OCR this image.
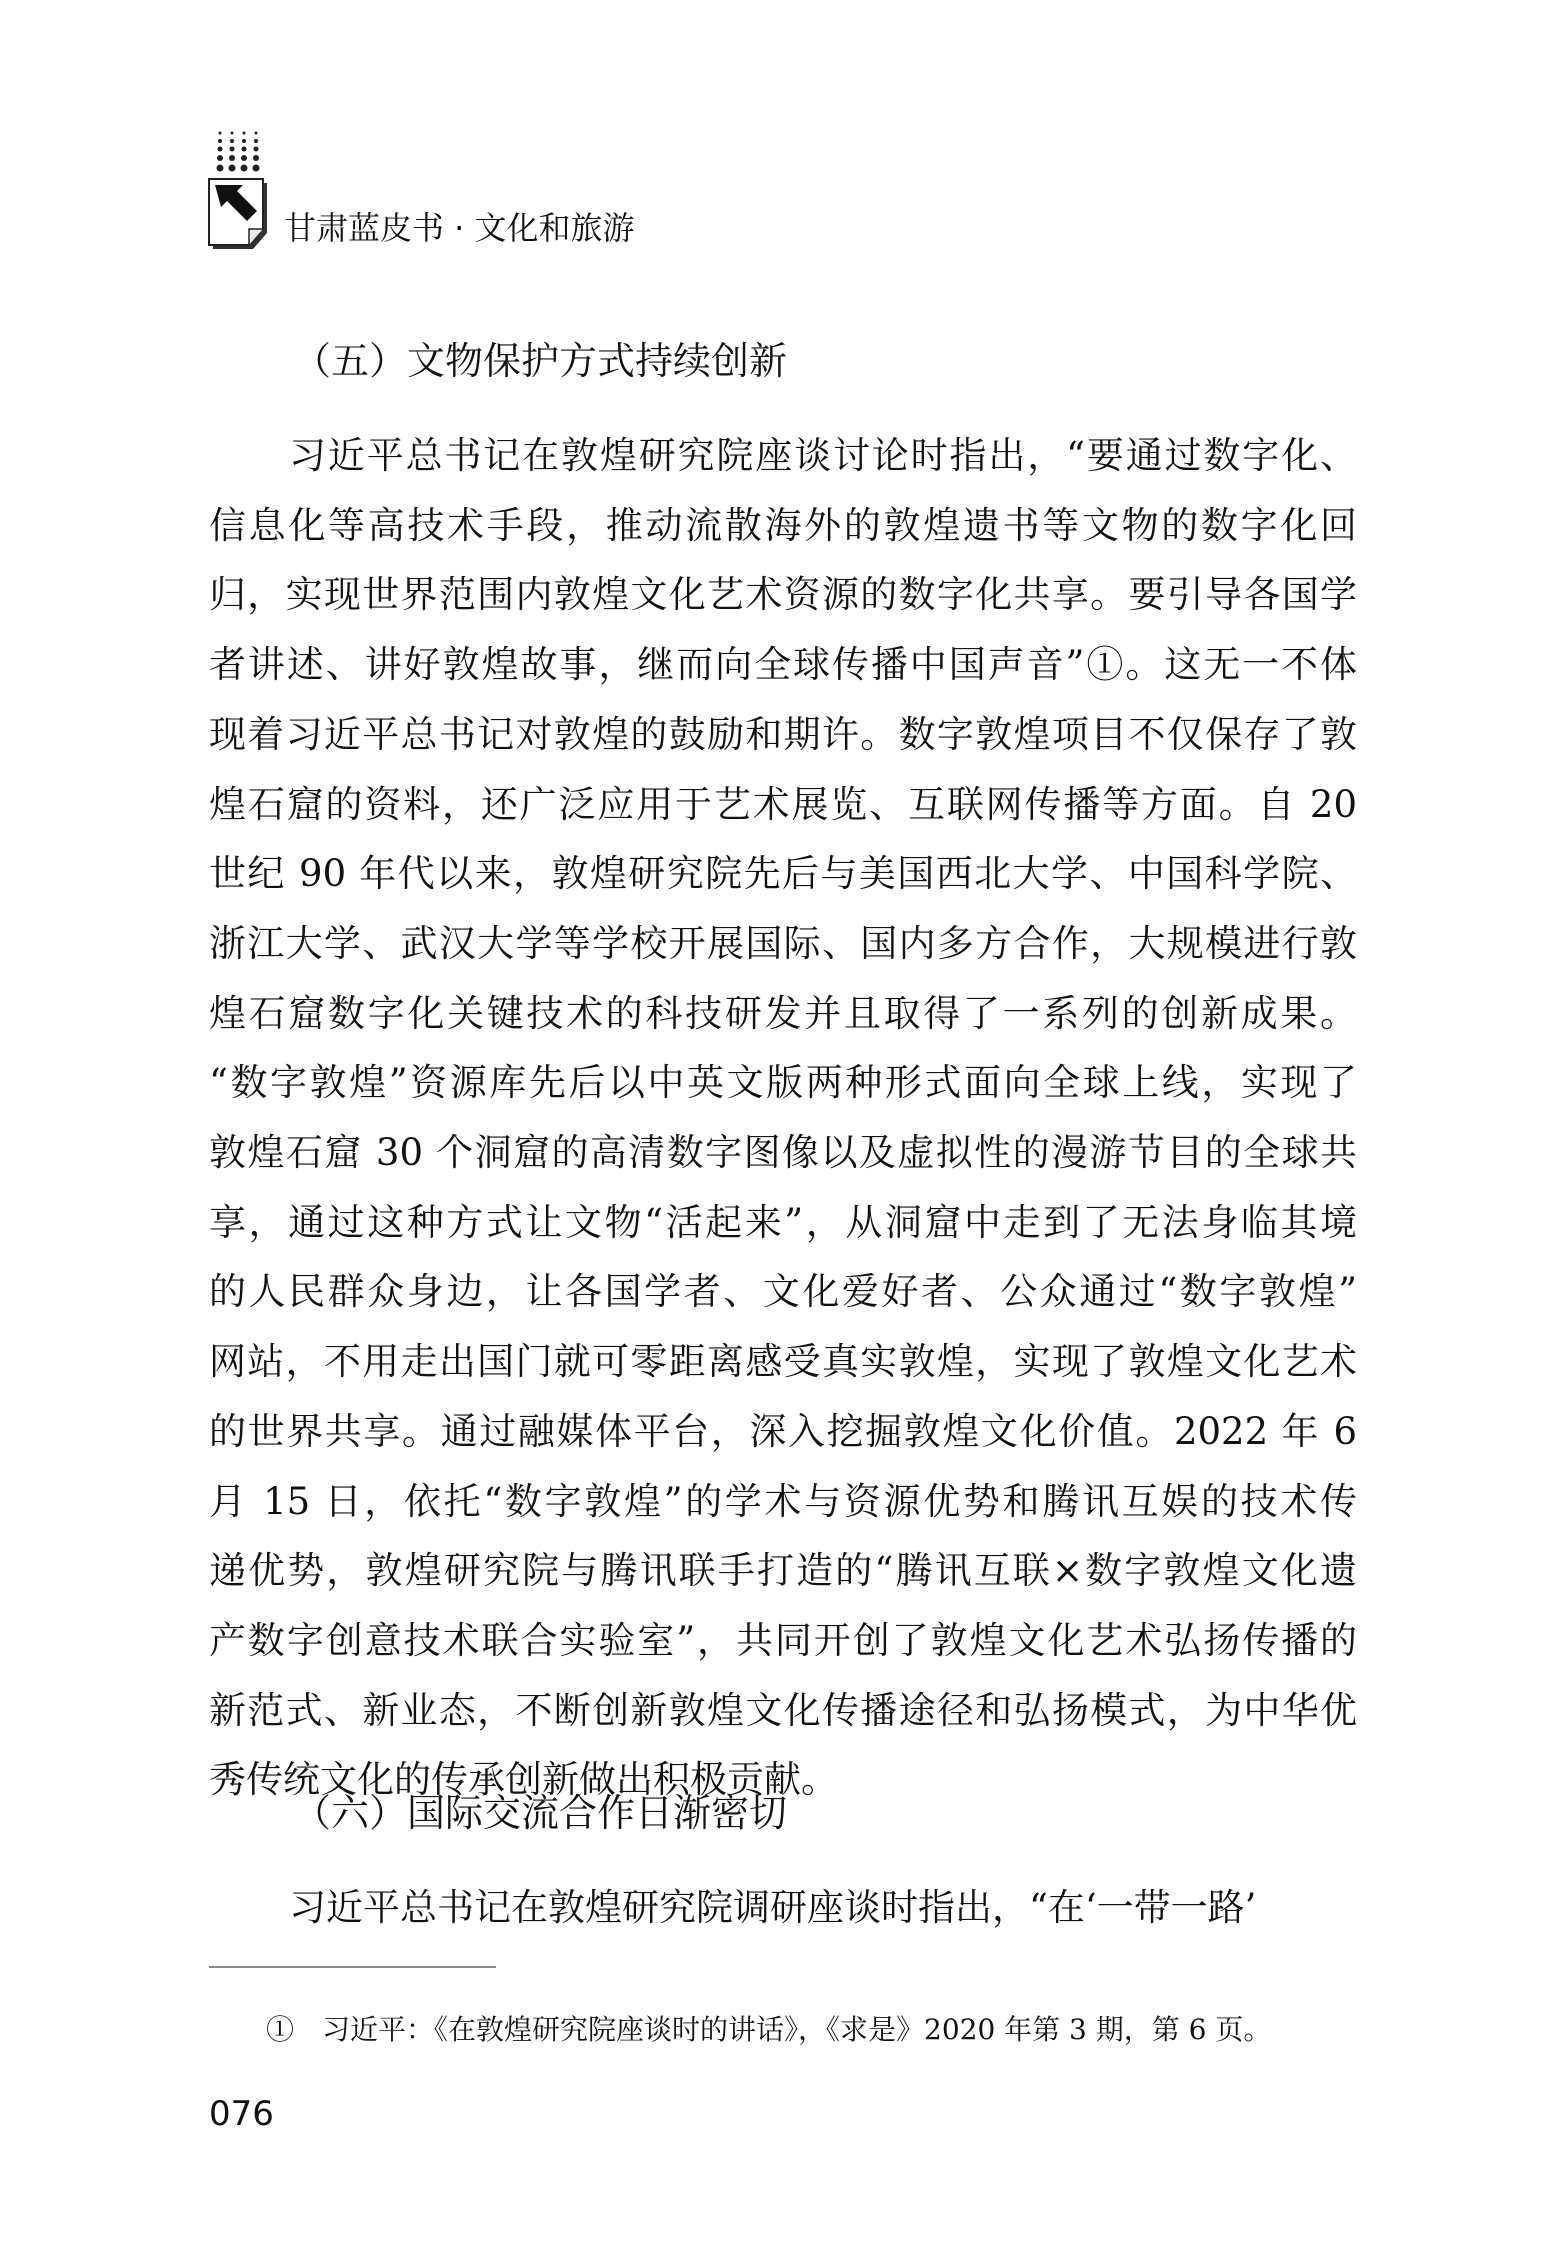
甘肃蓝皮书 · 文化和旅游
（五）文物保护方式持续创新
习近平总书记在敦煌研究院座谈讨论时指出，“要通过数字化、
信息化等高技术手段，推动流散海外的敦煌遗书等文物的数字化回
归，实现世界范围内敦煌文化艺术资源的数字化共享。要引导各国学
者讲述、讲好敦煌故事，继而向全球传播中国声音”①。这无一不体
现着习近平总书记对敦煌的鼓励和期许。数字敦煌项目不仅保存了敦
煌石窟的资料，还广泛应用于艺术展览、互联网传播等方面。自 20
世纪 90 年代以来，敦煌研究院先后与美国西北大学、中国科学院、
浙江大学、武汉大学等学校开展国际、国内多方合作，大规模进行敦
煌石窟数字化关键技术的科技研发并且取得了一系列的创新成果。
“数字敦煌”资源库先后以中英文版两种形式面向全球上线，实现了
敦煌石窟 30 个洞窟的高清数字图像以及虚拟性的漫游节目的全球共
享，通过这种方式让文物“活起来”，从洞窟中走到了无法身临其境
的人民群众身边，让各国学者、文化爱好者、公众通过“数字敦煌”
网站，不用走出国门就可零距离感受真实敦煌，实现了敦煌文化艺术
的世界共享。通过融媒体平台，深入挖掘敦煌文化价值。2022 年 6
月 15 日，依托“数字敦煌”的学术与资源优势和腾讯互娱的技术传
递优势，敦煌研究院与腾讯联手打造的“腾讯互联×数字敦煌文化遗
产数字创意技术联合实验室”，共同开创了敦煌文化艺术弘扬传播的
新范式、新业态，不断创新敦煌文化传播途径和弘扬模式，为中华优
秀传统文化的传承创新做出积极贡献。
（六）国际交流合作日渐密切
习近平总书记在敦煌研究院调研座谈时指出，“在‘一带一路’
①　习近平：《在敦煌研究院座谈时的讲话》，《求是》2020 年第 3 期，第 6 页。
076
